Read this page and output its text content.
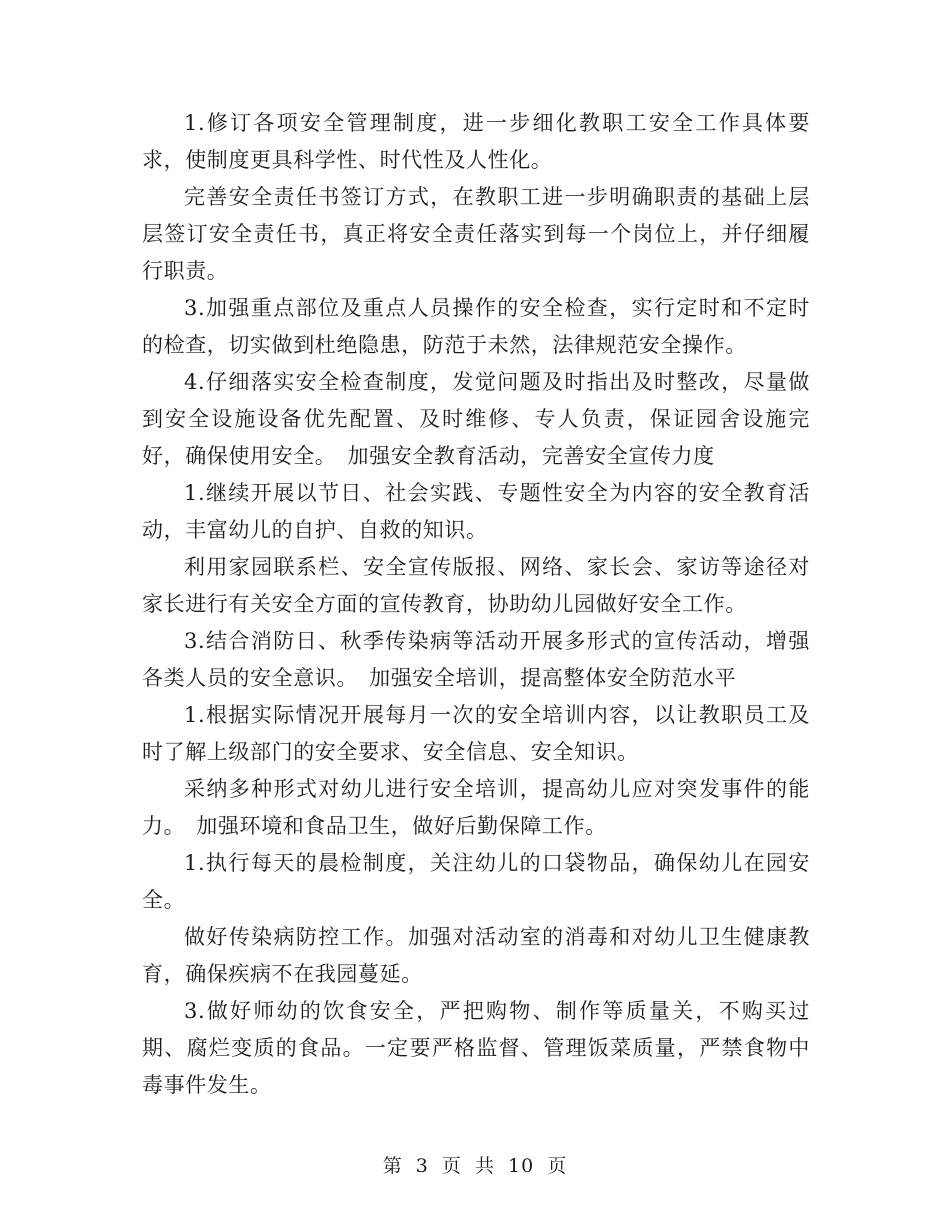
1.修订各项安全管理制度，进一步细化教职工安全工作具体要求，使制度更具科学性、时代性及人性化。

完善安全责任书签订方式，在教职工进一步明确职责的基础上层层签订安全责任书，真正将安全责任落实到每一个岗位上，并仔细履行职责。

3.加强重点部位及重点人员操作的安全检查，实行定时和不定时的检查，切实做到杜绝隐患，防范于未然，法律规范安全操作。

4.仔细落实安全检查制度，发觉问题及时指出及时整改，尽量做到安全设施设备优先配置、及时维修、专人负责，保证园舍设施完好，确保使用安全。　加强安全教育活动，完善安全宣传力度

1.继续开展以节日、社会实践、专题性安全为内容的安全教育活动，丰富幼儿的自护、自救的知识。

利用家园联系栏、安全宣传版报、网络、家长会、家访等途径对家长进行有关安全方面的宣传教育，协助幼儿园做好安全工作。

3.结合消防日、秋季传染病等活动开展多形式的宣传活动，增强各类人员的安全意识。　加强安全培训，提高整体安全防范水平

1.根据实际情况开展每月一次的安全培训内容，以让教职员工及时了解上级部门的安全要求、安全信息、安全知识。

采纳多种形式对幼儿进行安全培训，提高幼儿应对突发事件的能力。　加强环境和食品卫生，做好后勤保障工作。

1.执行每天的晨检制度，关注幼儿的口袋物品，确保幼儿在园安全。

做好传染病防控工作。加强对活动室的消毒和对幼儿卫生健康教育，确保疾病不在我园蔓延。

3.做好师幼的饮食安全，严把购物、制作等质量关，不购买过期、腐烂变质的食品。一定要严格监督、管理饭菜质量，严禁食物中毒事件发生。

第 3 页 共 10 页
